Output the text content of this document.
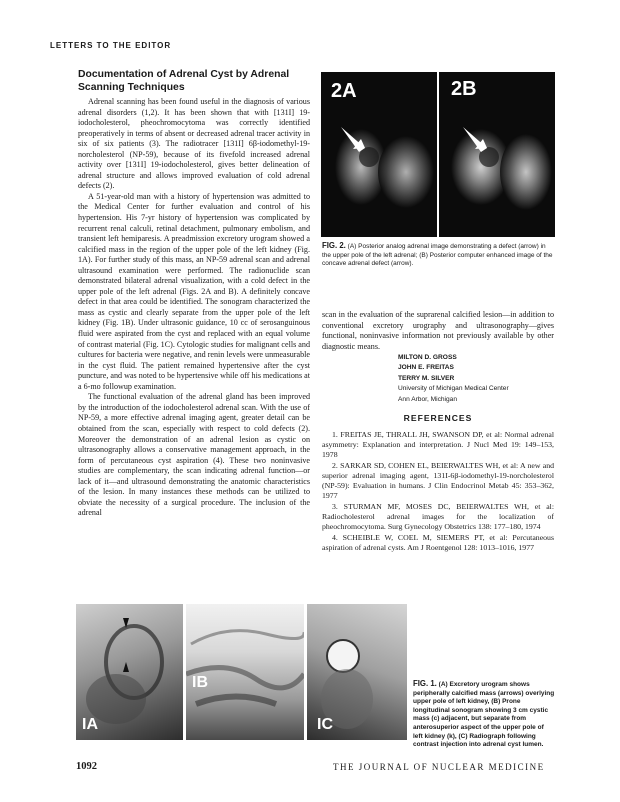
LETTERS TO THE EDITOR
Documentation of Adrenal Cyst by Adrenal Scanning Techniques

Adrenal scanning has been found useful in the diagnosis of various adrenal disorders (1,2). It has been shown that with [131I] 19-iodocholesterol, pheochromocytoma was correctly identified preoperatively in terms of absent or decreased adrenal tracer activity in six of six patients (3). The radiotracer [131I] 6β-iodomethyl-19-norcholesterol (NP-59), because of its fivefold increased adrenal activity over [131I] 19-iodocholesterol, gives better delineation of adrenal structure and allows improved evaluation of cold adrenal defects (2).

A 51-year-old man with a history of hypertension was admitted to the Medical Center for further evaluation and control of his hypertension. His 7-yr history of hypertension was complicated by recurrent renal calculi, retinal detachment, pulmonary embolism, and transient left hemiparesis. A preadmission excretory urogram showed a calcified mass in the region of the upper pole of the left kidney (Fig. 1A). For further study of this mass, an NP-59 adrenal scan and adrenal ultrasound examination were performed. The radionuclide scan demonstrated bilateral adrenal visualization, with a cold defect in the upper pole of the left adrenal (Figs. 2A and B). A definitely concave defect in that area could be identified. The sonogram characterized the mass as cystic and clearly separate from the upper pole of the left kidney (Fig. 1B). Under ultrasonic guidance, 10 cc of serosanguinous fluid were aspirated from the cyst and replaced with an equal volume of contrast material (Fig. 1C). Cytologic studies for malignant cells and cultures for bacteria were negative, and renin levels were unmeasurable in the cyst fluid. The patient remained hypertensive after the cyst puncture, and was noted to be hypertensive while off his medications at a 6-mo followup examination.

The functional evaluation of the adrenal gland has been improved by the introduction of the iodocholesterol adrenal scan. With the use of NP-59, a more effective adrenal imaging agent, greater detail can be obtained from the scan, especially with respect to cold defects (2). Moreover the demonstration of an adrenal lesion as cystic on ultrasonography allows a conservative management approach, in the form of percutaneous cyst aspiration (4). These two noninvasive studies are complementary, the scan indicating adrenal function—or lack of it—and ultrasound demonstrating the anatomic characteristics of the lesion. In many instances these methods can be utilized to obviate the necessity of a surgical procedure. The inclusion of the adrenal

2A	2B
FIG. 2. (A) Posterior analog adrenal image demonstrating a defect (arrow) in the upper pole of the left adrenal; (B) Posterior computer enhanced image of the concave adrenal defect (arrow).

scan in the evaluation of the suprarenal calcified lesion—in addition to conventional excretory urography and ultrasonography—gives functional, noninvasive information not previously available by other diagnostic means.

MILTON D. GROSS
JOHN E. FREITAS
TERRY M. SILVER
University of Michigan Medical Center
Ann Arbor, Michigan
REFERENCES

1. FREITAS JE, THRALL JH, SWANSON DP, et al: Normal adrenal asymmetry: Explanation and interpretation. J Nucl Med 19: 149–153, 1978

2. SARKAR SD, COHEN EL, BEIERWALTES WH, et al: A new and superior adrenal imaging agent, 131I-6β-iodomethyl-19-norcholesterol (NP-59): Evaluation in humans. J Clin Endocrinol Metab 45: 353–362, 1977

3. STURMAN MF, MOSES DC, BEIERWALTES WH, et al: Radiocholesterol adrenal images for the localization of pheochromocytoma. Surg Gynecology Obstetrics 138: 177–180, 1974

4. SCHEIBLE W, COEL M, SIEMERS PT, et al: Percutaneous aspiration of adrenal cysts. Am J Roentgenol 128: 1013–1016, 1977

IA
IB
IC
FIG. 1. (A) Excretory urogram shows peripherally calcified mass (arrows) overlying upper pole of left kidney, (B) Prone longitudinal sonogram showing 3 cm cystic mass (c) adjacent, but separate from anterosuperior aspect of the upper pole of left kidney (k), (C) Radiograph following contrast injection into adrenal cyst lumen.
1092	THE JOURNAL OF NUCLEAR MEDICINE
